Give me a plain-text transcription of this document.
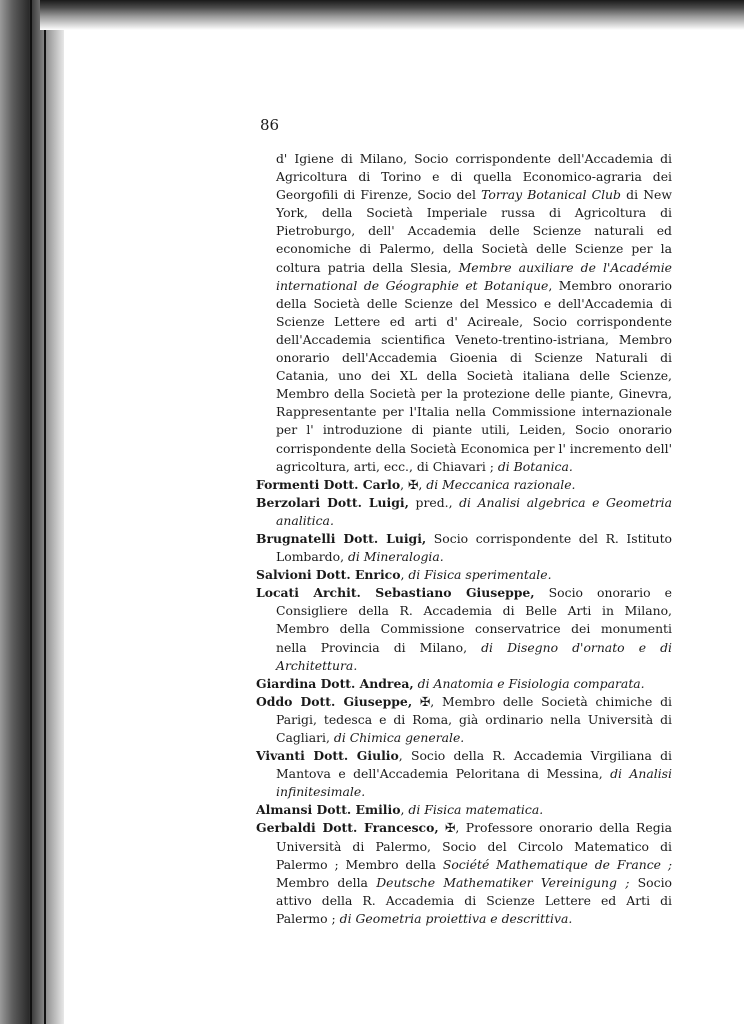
86

d' Igiene di Milano, Socio corrispondente dell'Accademia di Agricoltura di Torino e di quella Economico-agraria dei Georgofili di Firenze, Socio del Torray Botanical Club di New York, della Società Imperiale russa di Agricoltura di Pietroburgo, dell' Accademia delle Scienze naturali ed economiche di Palermo, della Società delle Scienze per la coltura patria della Slesia, Membre auxiliare de l'Académie international de Géographie et Botanique, Membro onorario della Società delle Scienze del Messico e dell'Accademia di Scienze Lettere ed arti d' Acireale, Socio corrispondente dell'Accademia scientifica Veneto-trentino-istriana, Membro onorario dell'Accademia Gioenia di Scienze Naturali di Catania, uno dei XL della Società italiana delle Scienze, Membro della Società per la protezione delle piante, Ginevra, Rappresentante per l'Italia nella Commissione internazionale per l' introduzione di piante utili, Leiden, Socio onorario corrispondente della Società Economica per l' incremento dell' agricoltura, arti, ecc., di Chiavari ; di Botanica.

Formenti Dott. Carlo, ✠, di Meccanica razionale.

Berzolari Dott. Luigi, pred., di Analisi algebrica e Geometria analitica.

Brugnatelli Dott. Luigi, Socio corrispondente del R. Istituto Lombardo, di Mineralogia.

Salvioni Dott. Enrico, di Fisica sperimentale.

Locati Archit. Sebastiano Giuseppe, Socio onorario e Consigliere della R. Accademia di Belle Arti in Milano, Membro della Commissione conservatrice dei monumenti nella Provincia di Milano, di Disegno d'ornato e di Architettura.

Giardina Dott. Andrea, di Anatomia e Fisiologia comparata.

Oddo Dott. Giuseppe, ✠, Membro delle Società chimiche di Parigi, tedesca e di Roma, già ordinario nella Università di Cagliari, di Chimica generale.

Vivanti Dott. Giulio, Socio della R. Accademia Virgiliana di Mantova e dell'Accademia Peloritana di Messina, di Analisi infinitesimale.

Almansi Dott. Emilio, di Fisica matematica.

Gerbaldi Dott. Francesco, ✠, Professore onorario della Regia Università di Palermo, Socio del Circolo Matematico di Palermo ; Membro della Société Mathematique de France ; Membro della Deutsche Mathematiker Vereinigung ; Socio attivo della R. Accademia di Scienze Lettere ed Arti di Palermo ; di Geometria proiettiva e descrittiva.
